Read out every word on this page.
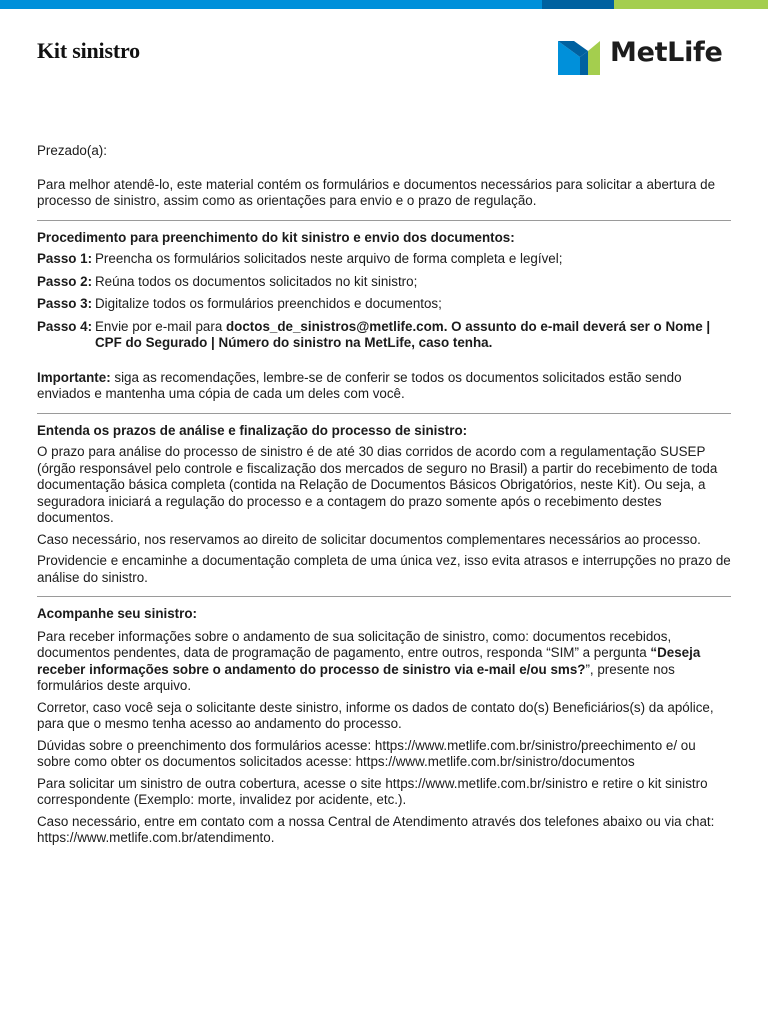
Kit sinistro	MetLife

Prezado(a):

Para melhor atendê-lo, este material contém os formulários e documentos necessários para solicitar a abertura de processo de sinistro, assim como as orientações para envio e o prazo de regulação.

Procedimento para preenchimento do kit sinistro e envio dos documentos:

Passo 1: Preencha os formulários solicitados neste arquivo de forma completa e legível;
Passo 2: Reúna todos os documentos solicitados no kit sinistro;
Passo 3: Digitalize todos os formulários preenchidos e documentos;
Passo 4: Envie por e-mail para doctos_de_sinistros@metlife.com. O assunto do e-mail deverá ser o Nome | CPF do Segurado | Número do sinistro na MetLife, caso tenha.

Importante: siga as recomendações, lembre-se de conferir se todos os documentos solicitados estão sendo enviados e mantenha uma cópia de cada um deles com você.

Entenda os prazos de análise e finalização do processo de sinistro:

O prazo para análise do processo de sinistro é de até 30 dias corridos de acordo com a regulamentação SUSEP (órgão responsável pelo controle e fiscalização dos mercados de seguro no Brasil) a partir do recebimento de toda documentação básica completa (contida na Relação de Documentos Básicos Obrigatórios, neste Kit). Ou seja, a seguradora iniciará a regulação do processo e a contagem do prazo somente após o recebimento destes documentos.

Caso necessário, nos reservamos ao direito de solicitar documentos complementares necessários ao processo.

Providencie e encaminhe a documentação completa de uma única vez, isso evita atrasos e interrupções no prazo de análise do sinistro.

Acompanhe seu sinistro:

Para receber informações sobre o andamento de sua solicitação de sinistro, como: documentos recebidos, documentos pendentes, data de programação de pagamento, entre outros, responda “SIM” a pergunta “Deseja receber informações sobre o andamento do processo de sinistro via e-mail e/ou sms?”, presente nos formulários deste arquivo.

Corretor, caso você seja o solicitante deste sinistro, informe os dados de contato do(s) Beneficiários(s) da apólice, para que o mesmo tenha acesso ao andamento do processo.

Dúvidas sobre o preenchimento dos formulários acesse: https://www.metlife.com.br/sinistro/preechimento e/ ou sobre como obter os documentos solicitados acesse: https://www.metlife.com.br/sinistro/documentos

Para solicitar um sinistro de outra cobertura, acesse o site https://www.metlife.com.br/sinistro e retire o kit sinistro correspondente (Exemplo: morte, invalidez por acidente, etc.).

Caso necessário, entre em contato com a nossa Central de Atendimento através dos telefones abaixo ou via chat: https://www.metlife.com.br/atendimento.
